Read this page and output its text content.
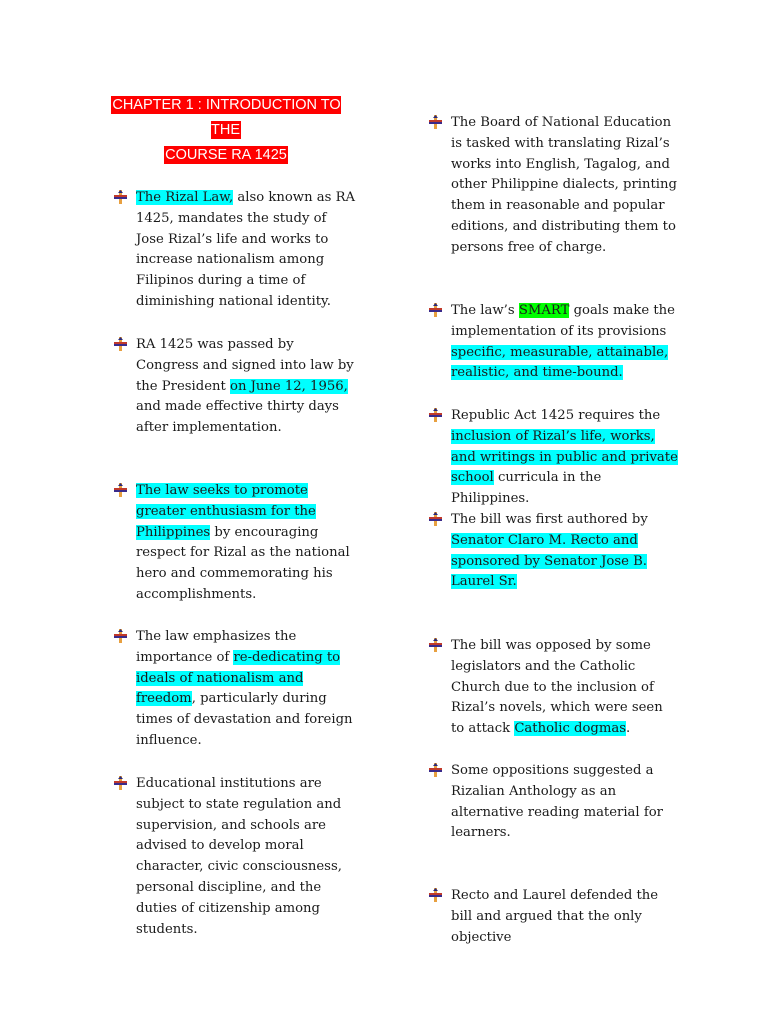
CHAPTER 1 : INTRODUCTION TO THE
COURSE RA 1425
The Rizal Law, also known as RA 1425, mandates the study of Jose Rizal’s life and works to increase nationalism among Filipinos during a time of diminishing national identity.
RA 1425 was passed by Congress and signed into law by the President on June 12, 1956, and made effective thirty days after implementation.
The law seeks to promote greater enthusiasm for the Philippines by encouraging respect for Rizal as the national hero and commemorating his accomplishments.
The law emphasizes the importance of re-dedicating to ideals of nationalism and freedom, particularly during times of devastation and foreign influence.
Educational institutions are subject to state regulation and supervision, and schools are advised to develop moral character, civic consciousness, personal discipline, and the duties of citizenship among students.
The Board of National Education is tasked with translating Rizal’s works into English, Tagalog, and other Philippine dialects, printing them in reasonable and popular editions, and distributing them to persons free of charge.
The law’s SMART goals make the implementation of its provisions specific, measurable, attainable, realistic, and time-bound.
Republic Act 1425 requires the inclusion of Rizal’s life, works, and writings in public and private school curricula in the Philippines.
The bill was first authored by Senator Claro M. Recto and sponsored by Senator Jose B. Laurel Sr.
The bill was opposed by some legislators and the Catholic Church due to the inclusion of Rizal’s novels, which were seen to attack Catholic dogmas.
Some oppositions suggested a Rizalian Anthology as an alternative reading material for learners.
Recto and Laurel defended the bill and argued that the only objective
